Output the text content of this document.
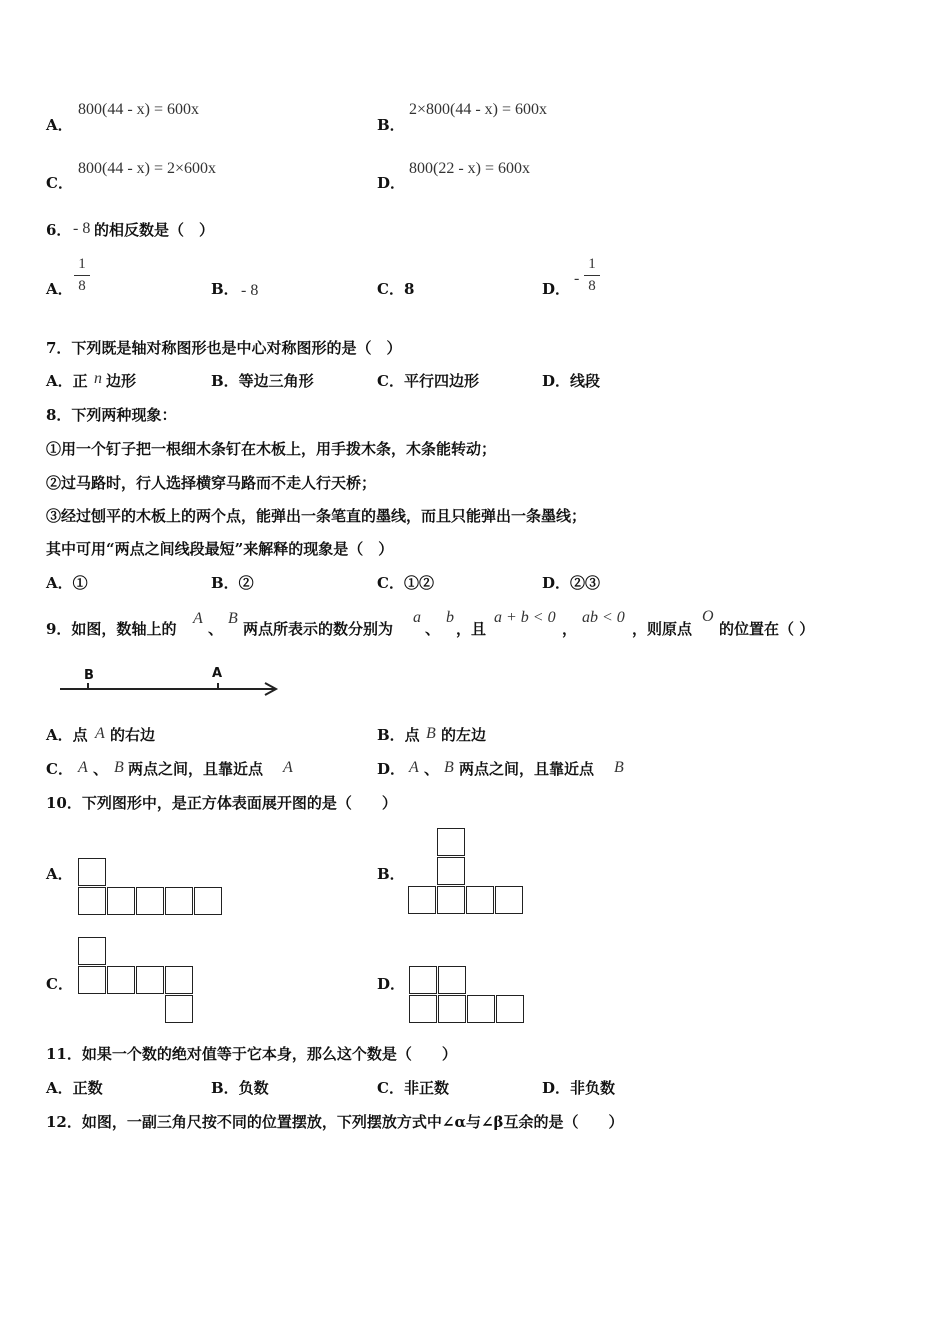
A．
800(44 - x) = 600x
B．
2×800(44 - x) = 600x
C．
800(44 - x) = 2×600x
D．
800(22 - x) = 600x
6． - 8 的相反数是（　）
A．
1
8	B． - 8	C．8	D．
-
1
8
7．下列既是轴对称图形也是中心对称图形的是（　）
A．正 n 边形	B．等边三角形	C．平行四边形	D．线段
8．下列两种现象：
①用一个钉子把一根细木条钉在木板上，用手拨木条，木条能转动；
②过马路时，行人选择横穿马路而不走人行天桥；
③经过刨平的木板上的两个点，能弹出一条笔直的墨线，而且只能弹出一条墨线；
其中可用“两点之间线段最短”来解释的现象是（　）
A．①	B．②	C．①②	D．②③
9．如图，数轴上的
A
、
B
两点所表示的数分别为
a
、
b
，且
a + b < 0
，
ab < 0
，则原点
O
的位置在（ ）
B	A
A．点 A 的右边	B．点 B 的左边
C． A 、 B 两点之间，且靠近点 A	D． A 、 B 两点之间，且靠近点 B
10．下列图形中，是正方体表面展开图的是（　　）
A．	B．
C．	D．
11．如果一个数的绝对值等于它本身，那么这个数是（　　）
A．正数	B．负数	C．非正数	D．非负数
12．如图，一副三角尺按不同的位置摆放，下列摆放方式中∠α与∠β互余的是（　　）
